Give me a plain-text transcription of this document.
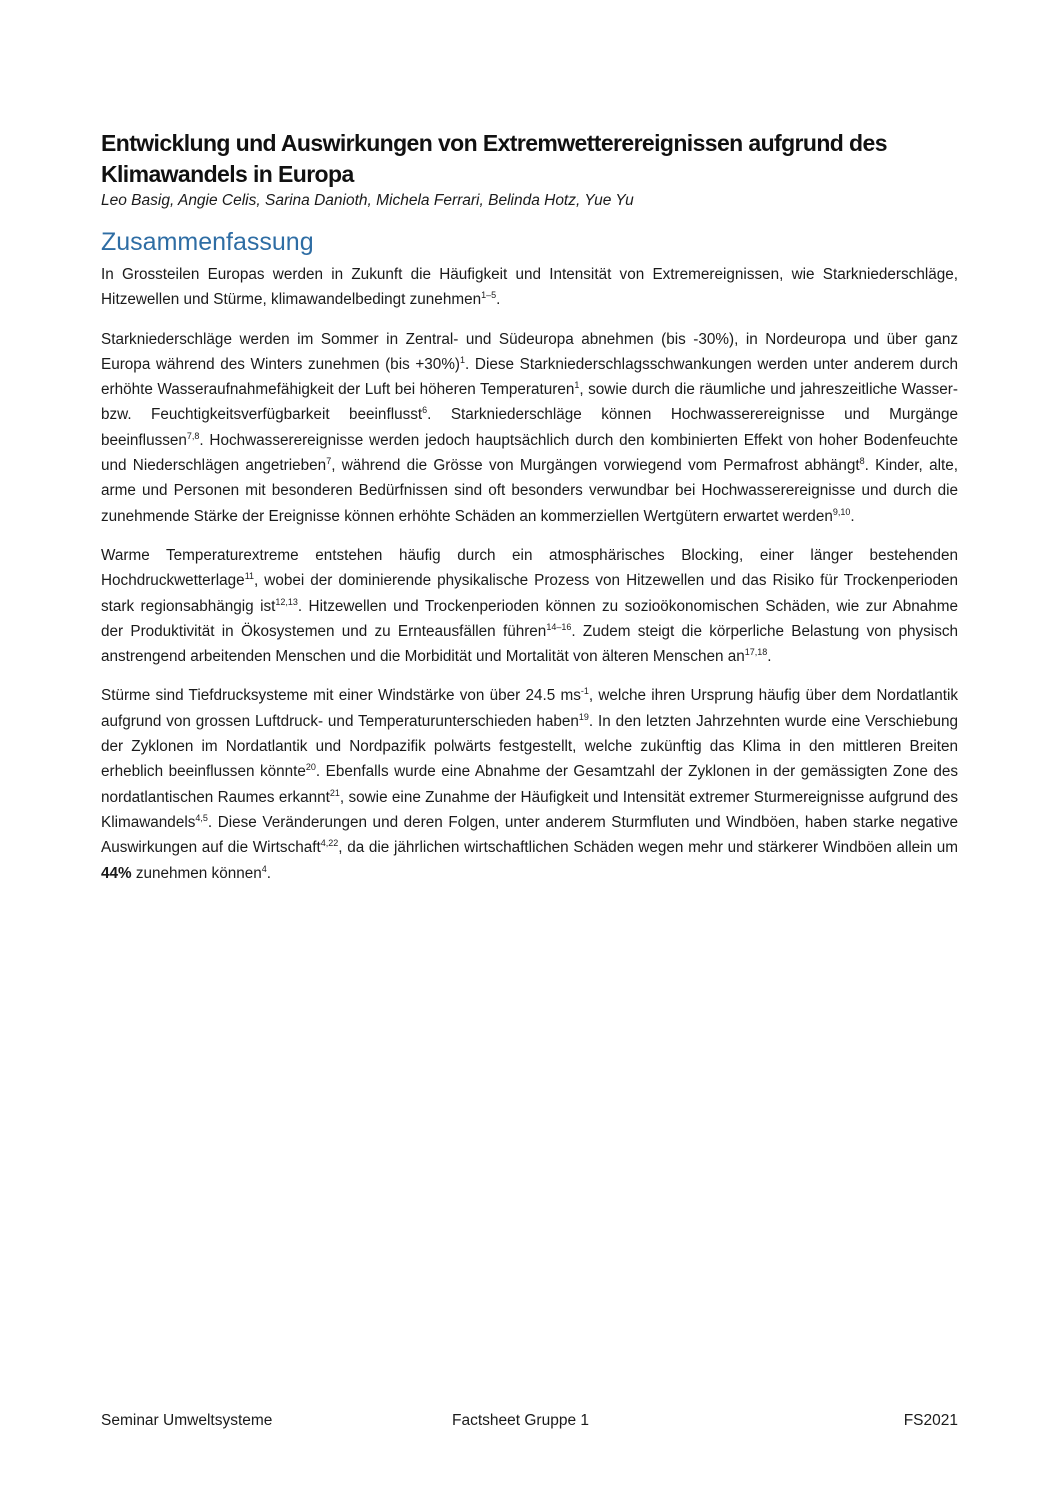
Entwicklung und Auswirkungen von Extremwetterereignissen aufgrund des Klimawandels in Europa

Leo Basig, Angie Celis, Sarina Danioth, Michela Ferrari, Belinda Hotz, Yue Yu

Zusammenfassung

In Grossteilen Europas werden in Zukunft die Häufigkeit und Intensität von Extremereignissen, wie Starkniederschläge, Hitzewellen und Stürme, klimawandelbedingt zunehmen$^{1-5}$.

Starkniederschläge werden im Sommer in Zentral- und Südeuropa abnehmen (bis -30%), in Nordeuropa und über ganz Europa während des Winters zunehmen (bis +30%)$^1$. Diese Starkniederschlagsschwankungen werden unter anderem durch erhöhte Wasseraufnahmefähigkeit der Luft bei höheren Temperaturen$^1$, sowie durch die räumliche und jahreszeitliche Wasser- bzw. Feuchtigkeitsverfügbarkeit beeinflusst$^6$. Starkniederschläge können Hochwasserereignisse und Murgänge beeinflussen$^{7,8}$. Hochwasserereignisse werden jedoch hauptsächlich durch den kombinierten Effekt von hoher Bodenfeuchte und Niederschlägen angetrieben$^7$, während die Grösse von Murgängen vorwiegend vom Permafrost abhängt$^8$. Kinder, alte, arme und Personen mit besonderen Bedürfnissen sind oft besonders verwundbar bei Hochwasserereignisse und durch die zunehmende Stärke der Ereignisse können erhöhte Schäden an kommerziellen Wertgütern erwartet werden$^{9,10}$.

Warme Temperaturextreme entstehen häufig durch ein atmosphärisches Blocking, einer länger bestehenden Hochdruckwetterlage$^{11}$, wobei der dominierende physikalische Prozess von Hitzewellen und das Risiko für Trockenperioden stark regionsabhängig ist$^{12,13}$. Hitzewellen und Trockenperioden können zu sozioökonomischen Schäden, wie zur Abnahme der Produktivität in Ökosystemen und zu Ernteausfällen führen$^{14-16}$. Zudem steigt die körperliche Belastung von physisch anstrengend arbeitenden Menschen und die Morbidität und Mortalität von älteren Menschen an$^{17,18}$.

Stürme sind Tiefdrucksysteme mit einer Windstärke von über 24.5 $ms^{-1}$, welche ihren Ursprung häufig über dem Nordatlantik aufgrund von grossen Luftdruck- und Temperaturunterschieden haben$^{19}$. In den letzten Jahrzehnten wurde eine Verschiebung der Zyklonen im Nordatlantik und Nordpazifik polwärts festgestellt, welche zukünftig das Klima in den mittleren Breiten erheblich beeinflussen könnte$^{20}$. Ebenfalls wurde eine Abnahme der Gesamtzahl der Zyklonen in der gemässigten Zone des nordatlantischen Raumes erkannt$^{21}$, sowie eine Zunahme der Häufigkeit und Intensität extremer Sturmereignisse aufgrund des Klimawandels$^{4,5}$. Diese Veränderungen und deren Folgen, unter anderem Sturmfluten und Windböen, haben starke negative Auswirkungen auf die Wirtschaft$^{4,22}$, da die jährlichen wirtschaftlichen Schäden wegen mehr und stärkerer Windböen allein um 44% zunehmen können$^4$.

Seminar Umweltsysteme	Factsheet Gruppe 1	FS2021
